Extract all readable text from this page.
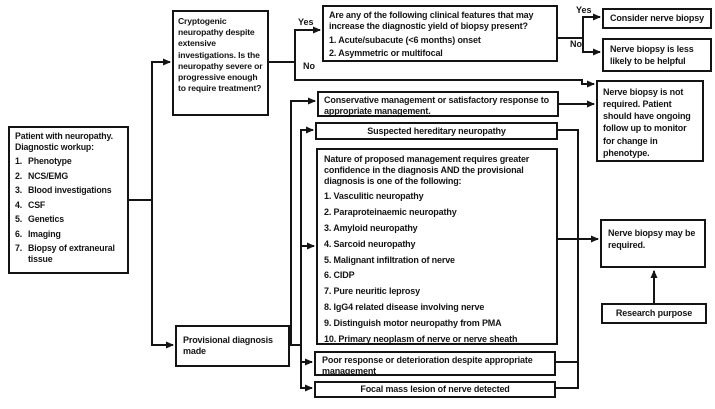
Yes
No
Yes
No
Patient with neuropathy. Diagnostic workup:
1. Phenotype
2. NCS/EMG
3. Blood investigations
4. CSF
5. Genetics
6. Imaging
7. Biopsy of extraneural tissue
Cryptogenic neuropathy despite extensive investigations. Is the neuropathy severe or progressive enough to require treatment?
Are any of the following clinical features that may increase the diagnostic yield of biopsy present?
1. Acute/subacute (<6 months) onset
2. Asymmetric or multifocal
Consider nerve biopsy
Nerve biopsy is less likely to be helpful
Nerve biopsy is not required. Patient should have ongoing follow up to monitor for change in phenotype.
Conservative management or satisfactory response to appropriate management.
Suspected hereditary neuropathy
Nature of proposed management requires greater confidence in the diagnosis AND the provisional diagnosis is one of the following:
1. Vasculitic neuropathy
2. Paraproteinaemic neuropathy
3. Amyloid neuropathy
4. Sarcoid neuropathy
5. Malignant infiltration of nerve
6. CIDP
7. Pure neuritic leprosy
8. IgG4 related disease involving nerve
9. Distinguish motor neuropathy from PMA
10. Primary neoplasm of nerve or nerve sheath
Poor response or deterioration despite appropriate management
Focal mass lesion of nerve detected
Provisional diagnosis made
Nerve biopsy may be required.
Research purpose
